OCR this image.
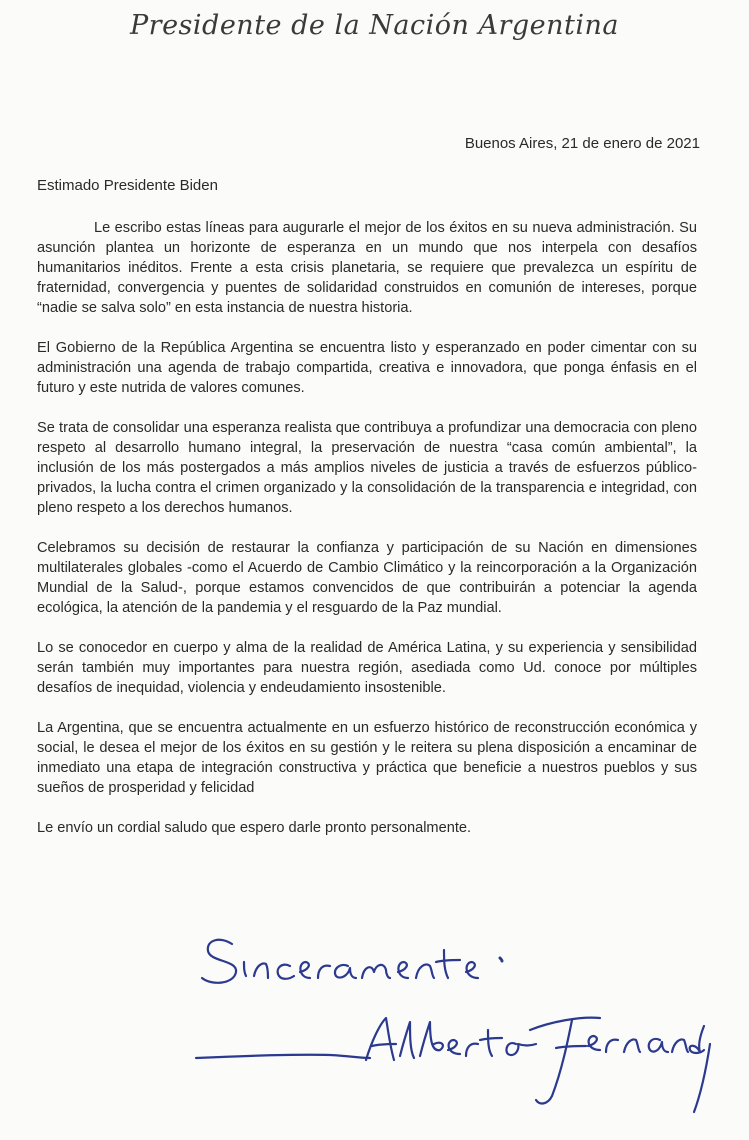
Presidente de la Nación Argentina
Buenos Aires, 21 de enero de 2021
Estimado Presidente Biden

Le escribo estas líneas para augurarle el mejor de los éxitos en su nueva administración. Su asunción plantea un horizonte de esperanza en un mundo que nos interpela con desafíos humanitarios inéditos. Frente a esta crisis planetaria, se requiere que prevalezca un espíritu de fraternidad, convergencia y puentes de solidaridad construidos en comunión de intereses, porque “nadie se salva solo” en esta instancia de nuestra historia.

El Gobierno de la República Argentina se encuentra listo y esperanzado en poder cimentar con su administración una agenda de trabajo compartida, creativa e innovadora, que ponga énfasis en el futuro y este nutrida de valores comunes.

Se trata de consolidar una esperanza realista que contribuya a profundizar una democracia con pleno respeto al desarrollo humano integral, la preservación de nuestra “casa común ambiental”, la inclusión de los más postergados a más amplios niveles de justicia a través de esfuerzos público-privados, la lucha contra el crimen organizado y la consolidación de la transparencia e integridad, con pleno respeto a los derechos humanos.

Celebramos su decisión de restaurar la confianza y participación de su Nación en dimensiones multilaterales globales -como el Acuerdo de Cambio Climático y la reincorporación a la Organización Mundial de la Salud-, porque estamos convencidos de que contribuirán a potenciar la agenda ecológica, la atención de la pandemia y el resguardo de la Paz mundial.

Lo se conocedor en cuerpo y alma de la realidad de América Latina, y su experiencia y sensibilidad serán también muy importantes para nuestra región, asediada como Ud. conoce por múltiples desafíos de inequidad, violencia y endeudamiento insostenible.

La Argentina, que se encuentra actualmente en un esfuerzo histórico de reconstrucción económica y social, le desea el mejor de los éxitos en su gestión y le reitera su plena disposición a encaminar de inmediato una etapa de integración constructiva y práctica que beneficie a nuestros pueblos y sus sueños de prosperidad y felicidad

Le envío un cordial saludo que espero darle pronto personalmente.
